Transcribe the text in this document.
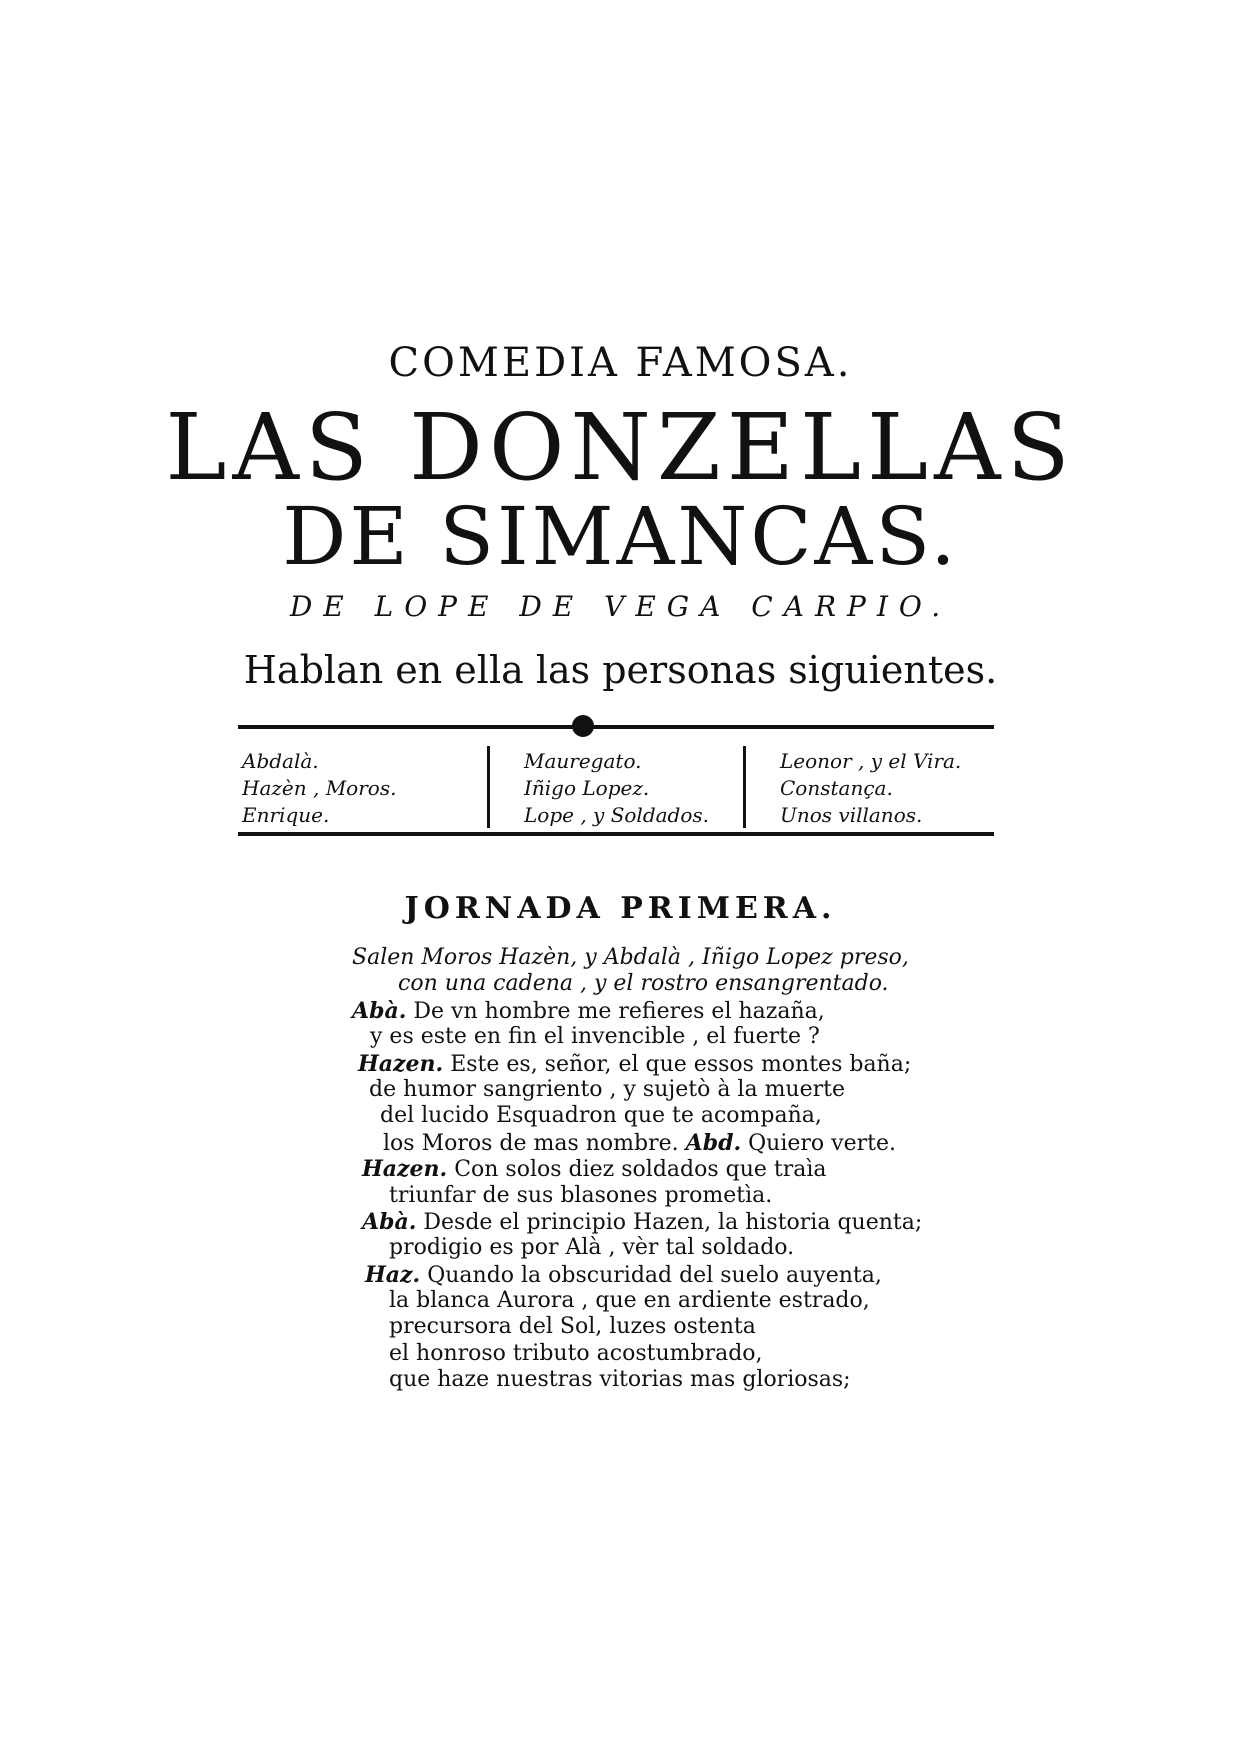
COMEDIA FAMOSA.
LAS DONZELLAS
DE SIMANCAS.
DE LOPE DE VEGA CARPIO.
Hablan en ella las personas siguientes.
Abdalà.
Hazèn , Moros.
Enrique.
Mauregato.
Iñigo Lopez.
Lope , y Soldados.
Leonor , y el Vira.
Constança.
Unos villanos.
JORNADA PRIMERA.
Salen Moros Hazèn, y Abdalà , Iñigo Lopez preso,
con una cadena , y el rostro ensangrentado.
Abà. De vn hombre me refieres el hazaña,
y es este en fin el invencible , el fuerte ?
Hazen. Este es, señor, el que essos montes baña;
de humor sangriento , y sujetò à la muerte
del lucido Esquadron que te acompaña,
los Moros de mas nombre. Abd. Quiero verte.
Hazen. Con solos diez soldados que traìa
triunfar de sus blasones prometìa.
Abà. Desde el principio Hazen, la historia quenta;
prodigio es por Alà , vèr tal soldado.
Haz. Quando la obscuridad del suelo auyenta,
la blanca Aurora , que en ardiente estrado,
precursora del Sol, luzes ostenta
el honroso tributo acostumbrado,
que haze nuestras vitorias mas gloriosas;
